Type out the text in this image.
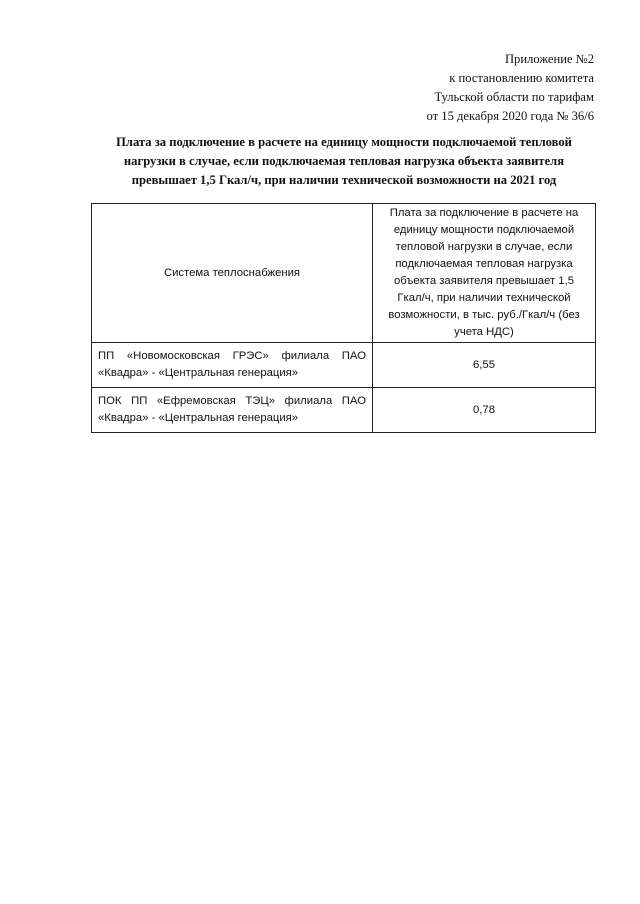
Приложение №2
к постановлению комитета
Тульской области по тарифам
от 15 декабря 2020 года № 36/6
Плата за подключение в расчете на единицу мощности подключаемой тепловой
нагрузки в случае, если подключаемая тепловая нагрузка объекта заявителя
превышает 1,5 Гкал/ч, при наличии технической возможности на 2021 год
Система теплоснабжения	Плата за подключение в расчете на единицу мощности подключаемой тепловой нагрузки в случае, если подключаемая тепловая нагрузка объекта заявителя превышает 1,5 Гкал/ч, при наличии технической возможности, в тыс. руб./Гкал/ч (без учета НДС)
ПП «Новомосковская ГРЭС» филиала ПАО
«Квадра» - «Центральная генерация»	6,55
ПОК ПП «Ефремовская ТЭЦ» филиала ПАО
«Квадра» - «Центральная генерация»	0,78
